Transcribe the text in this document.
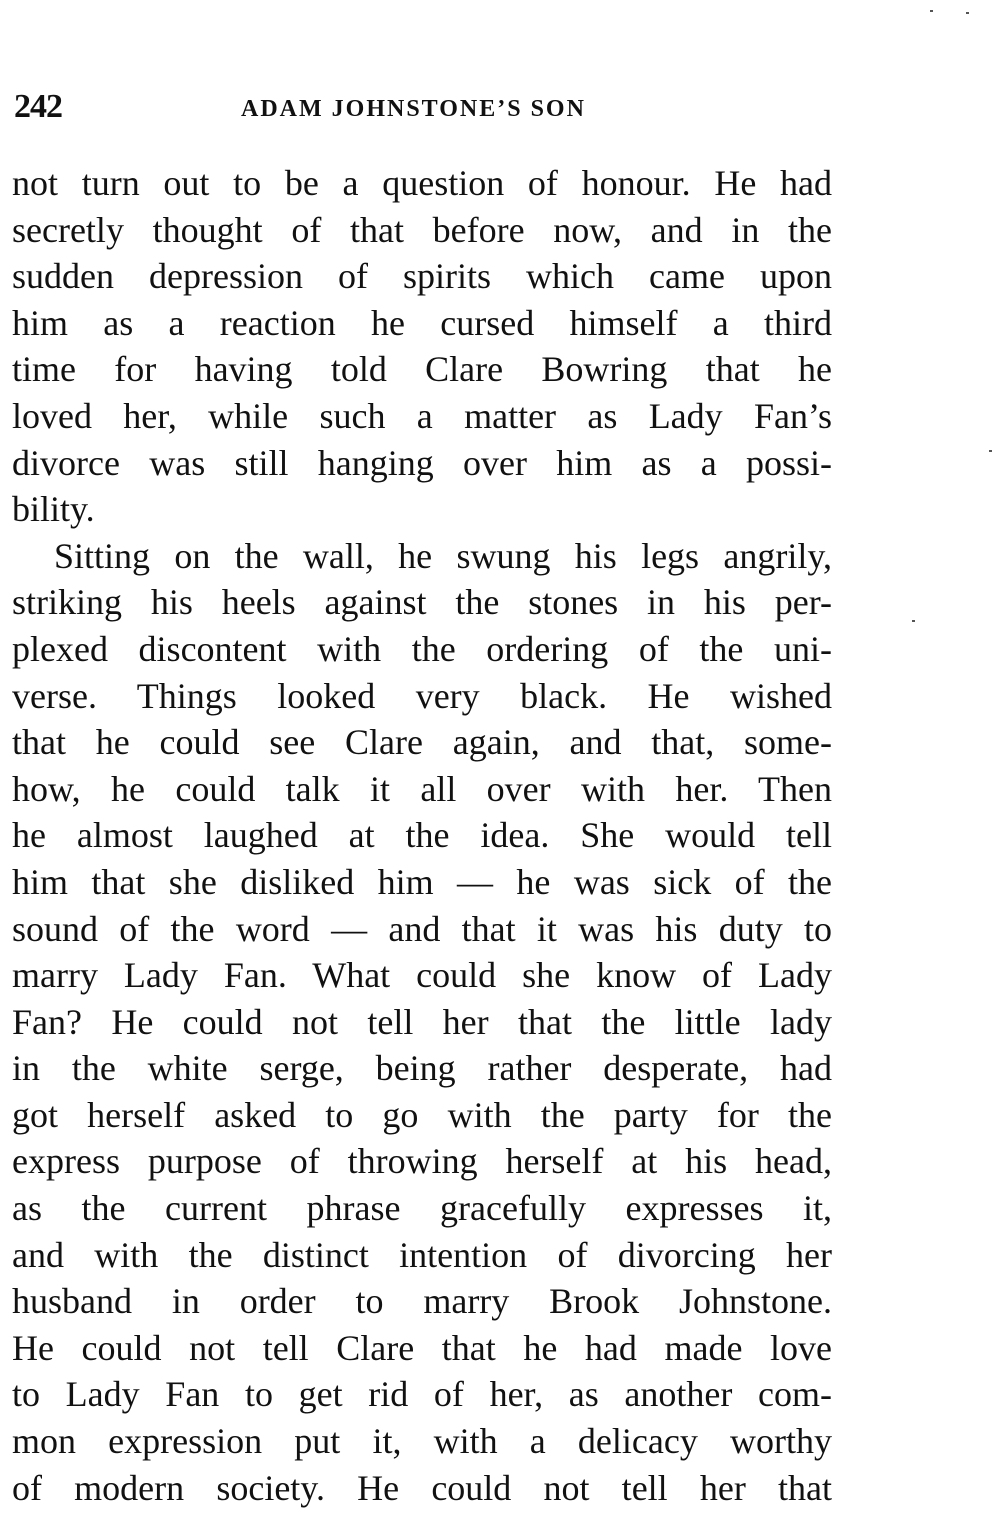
242	ADAM JOHNSTONE’S SON
not turn out to be a question of honour. He had
secretly thought of that before now, and in the
sudden depression of spirits which came upon
him as a reaction he cursed himself a third
time for having told Clare Bowring that he
loved her, while such a matter as Lady Fan’s
divorce was still hanging over him as a possi-
bility.
Sitting on the wall, he swung his legs angrily,
striking his heels against the stones in his per-
plexed discontent with the ordering of the uni-
verse. Things looked very black. He wished
that he could see Clare again, and that, some-
how, he could talk it all over with her. Then
he almost laughed at the idea. She would tell
him that she disliked him — he was sick of the
sound of the word — and that it was his duty to
marry Lady Fan. What could she know of Lady
Fan? He could not tell her that the little lady
in the white serge, being rather desperate, had
got herself asked to go with the party for the
express purpose of throwing herself at his head,
as the current phrase gracefully expresses it,
and with the distinct intention of divorcing her
husband in order to marry Brook Johnstone.
He could not tell Clare that he had made love
to Lady Fan to get rid of her, as another com-
mon expression put it, with a delicacy worthy
of modern society. He could not tell her that
